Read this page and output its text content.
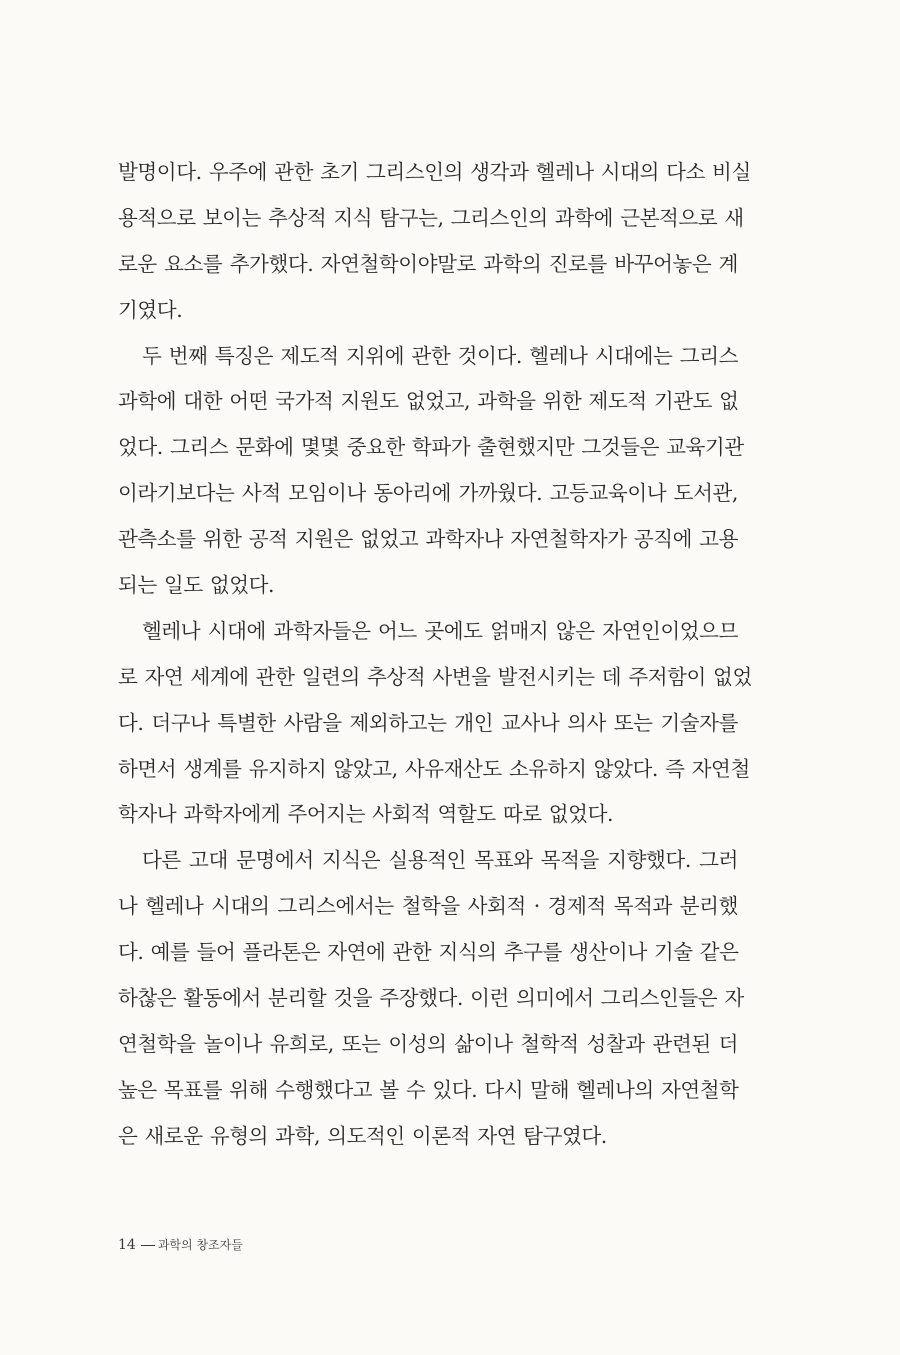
발명이다. 우주에 관한 초기 그리스인의 생각과 헬레나 시대의 다소 비실
용적으로 보이는 추상적 지식 탐구는, 그리스인의 과학에 근본적으로 새
로운 요소를 추가했다. 자연철학이야말로 과학의 진로를 바꾸어놓은 계
기였다.
두 번째 특징은 제도적 지위에 관한 것이다. 헬레나 시대에는 그리스
과학에 대한 어떤 국가적 지원도 없었고, 과학을 위한 제도적 기관도 없
었다. 그리스 문화에 몇몇 중요한 학파가 출현했지만 그것들은 교육기관
이라기보다는 사적 모임이나 동아리에 가까웠다. 고등교육이나 도서관,
관측소를 위한 공적 지원은 없었고 과학자나 자연철학자가 공직에 고용
되는 일도 없었다.
헬레나 시대에 과학자들은 어느 곳에도 얽매지 않은 자연인이었으므
로 자연 세계에 관한 일련의 추상적 사변을 발전시키는 데 주저함이 없었
다. 더구나 특별한 사람을 제외하고는 개인 교사나 의사 또는 기술자를
하면서 생계를 유지하지 않았고, 사유재산도 소유하지 않았다. 즉 자연철
학자나 과학자에게 주어지는 사회적 역할도 따로 없었다.
다른 고대 문명에서 지식은 실용적인 목표와 목적을 지향했다. 그러
나 헬레나 시대의 그리스에서는 철학을 사회적 · 경제적 목적과 분리했
다. 예를 들어 플라톤은 자연에 관한 지식의 추구를 생산이나 기술 같은
하찮은 활동에서 분리할 것을 주장했다. 이런 의미에서 그리스인들은 자
연철학을 놀이나 유희로, 또는 이성의 삶이나 철학적 성찰과 관련된 더
높은 목표를 위해 수행했다고 볼 수 있다. 다시 말해 헬레나의 자연철학
은 새로운 유형의 과학, 의도적인 이론적 자연 탐구였다.
14 과학의 창조자들
